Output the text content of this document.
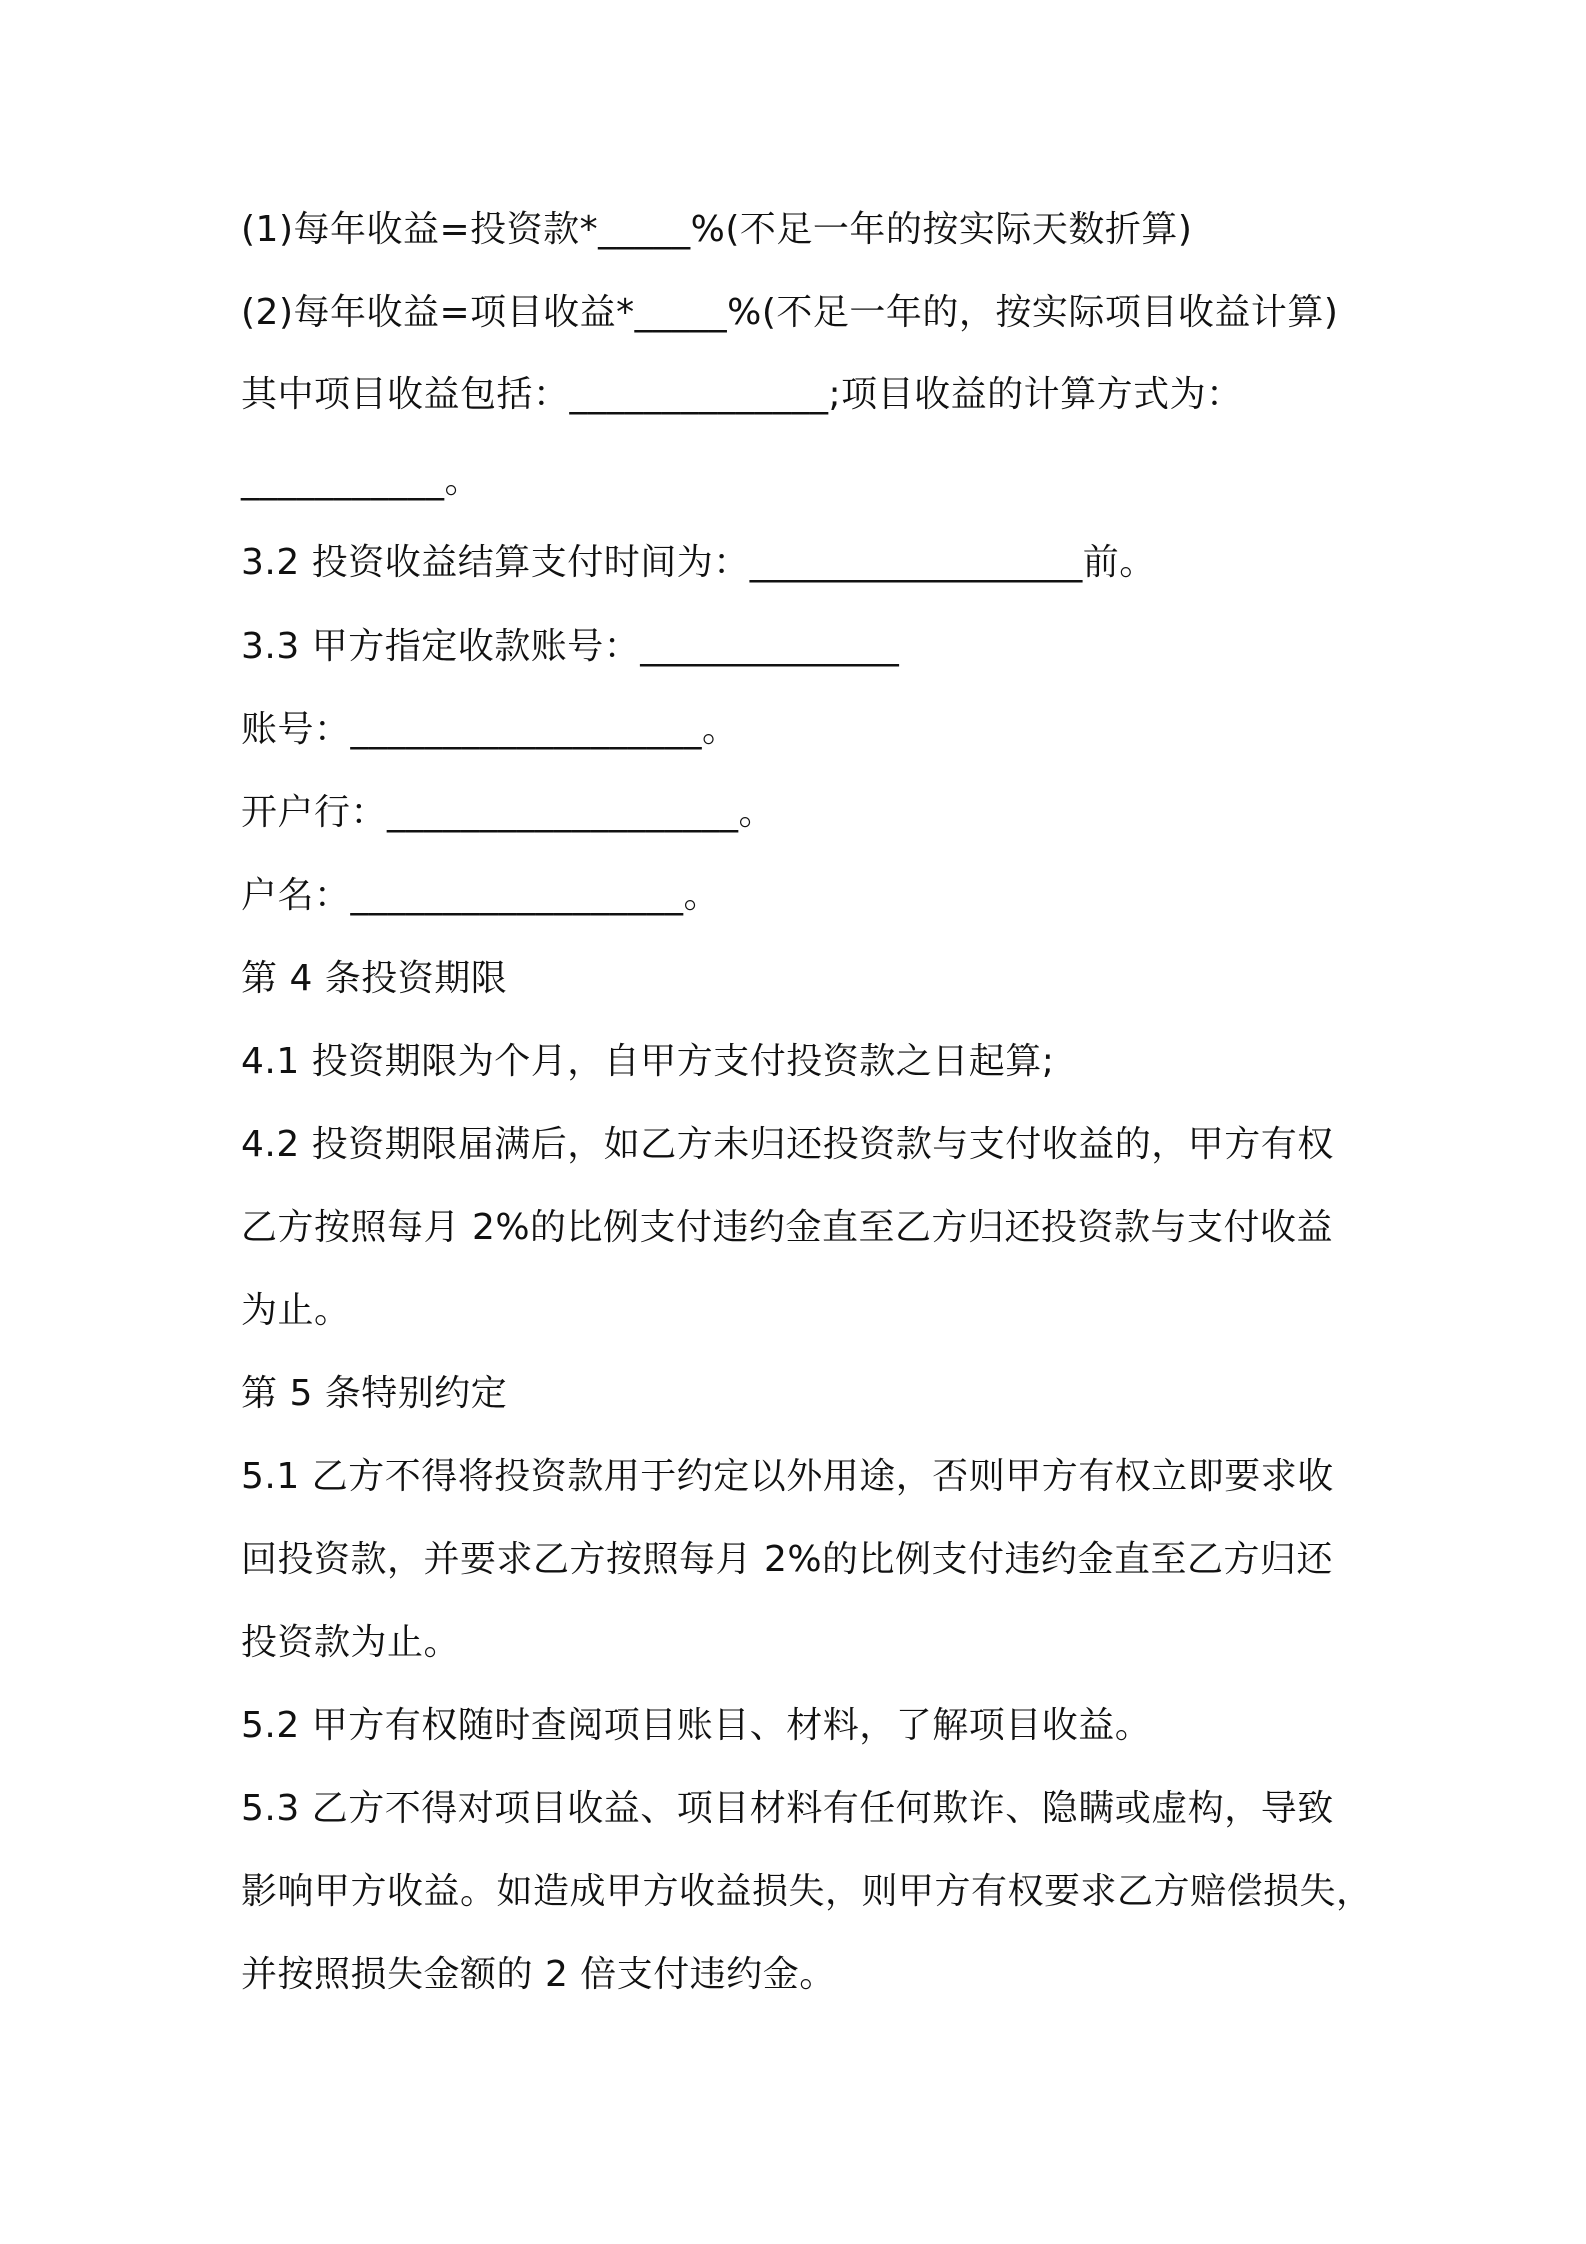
(1)每年收益=投资款*_____%(不足一年的按实际天数折算)
(2)每年收益=项目收益*_____%(不足一年的，按实际项目收益计算)
其中项目收益包括：______________;项目收益的计算方式为：
___________。
3.2 投资收益结算支付时间为：__________________前。
3.3 甲方指定收款账号：______________
账号：___________________。
开户行：___________________。
户名：__________________。
第 4 条投资期限
4.1 投资期限为个月，自甲方支付投资款之日起算;
4.2 投资期限届满后，如乙方未归还投资款与支付收益的，甲方有权
乙方按照每月 2%的比例支付违约金直至乙方归还投资款与支付收益
为止。
第 5 条特别约定
5.1 乙方不得将投资款用于约定以外用途，否则甲方有权立即要求收
回投资款，并要求乙方按照每月 2%的比例支付违约金直至乙方归还
投资款为止。
5.2 甲方有权随时查阅项目账目、材料，了解项目收益。
5.3 乙方不得对项目收益、项目材料有任何欺诈、隐瞒或虚构，导致
影响甲方收益。如造成甲方收益损失，则甲方有权要求乙方赔偿损失，
并按照损失金额的 2 倍支付违约金。
